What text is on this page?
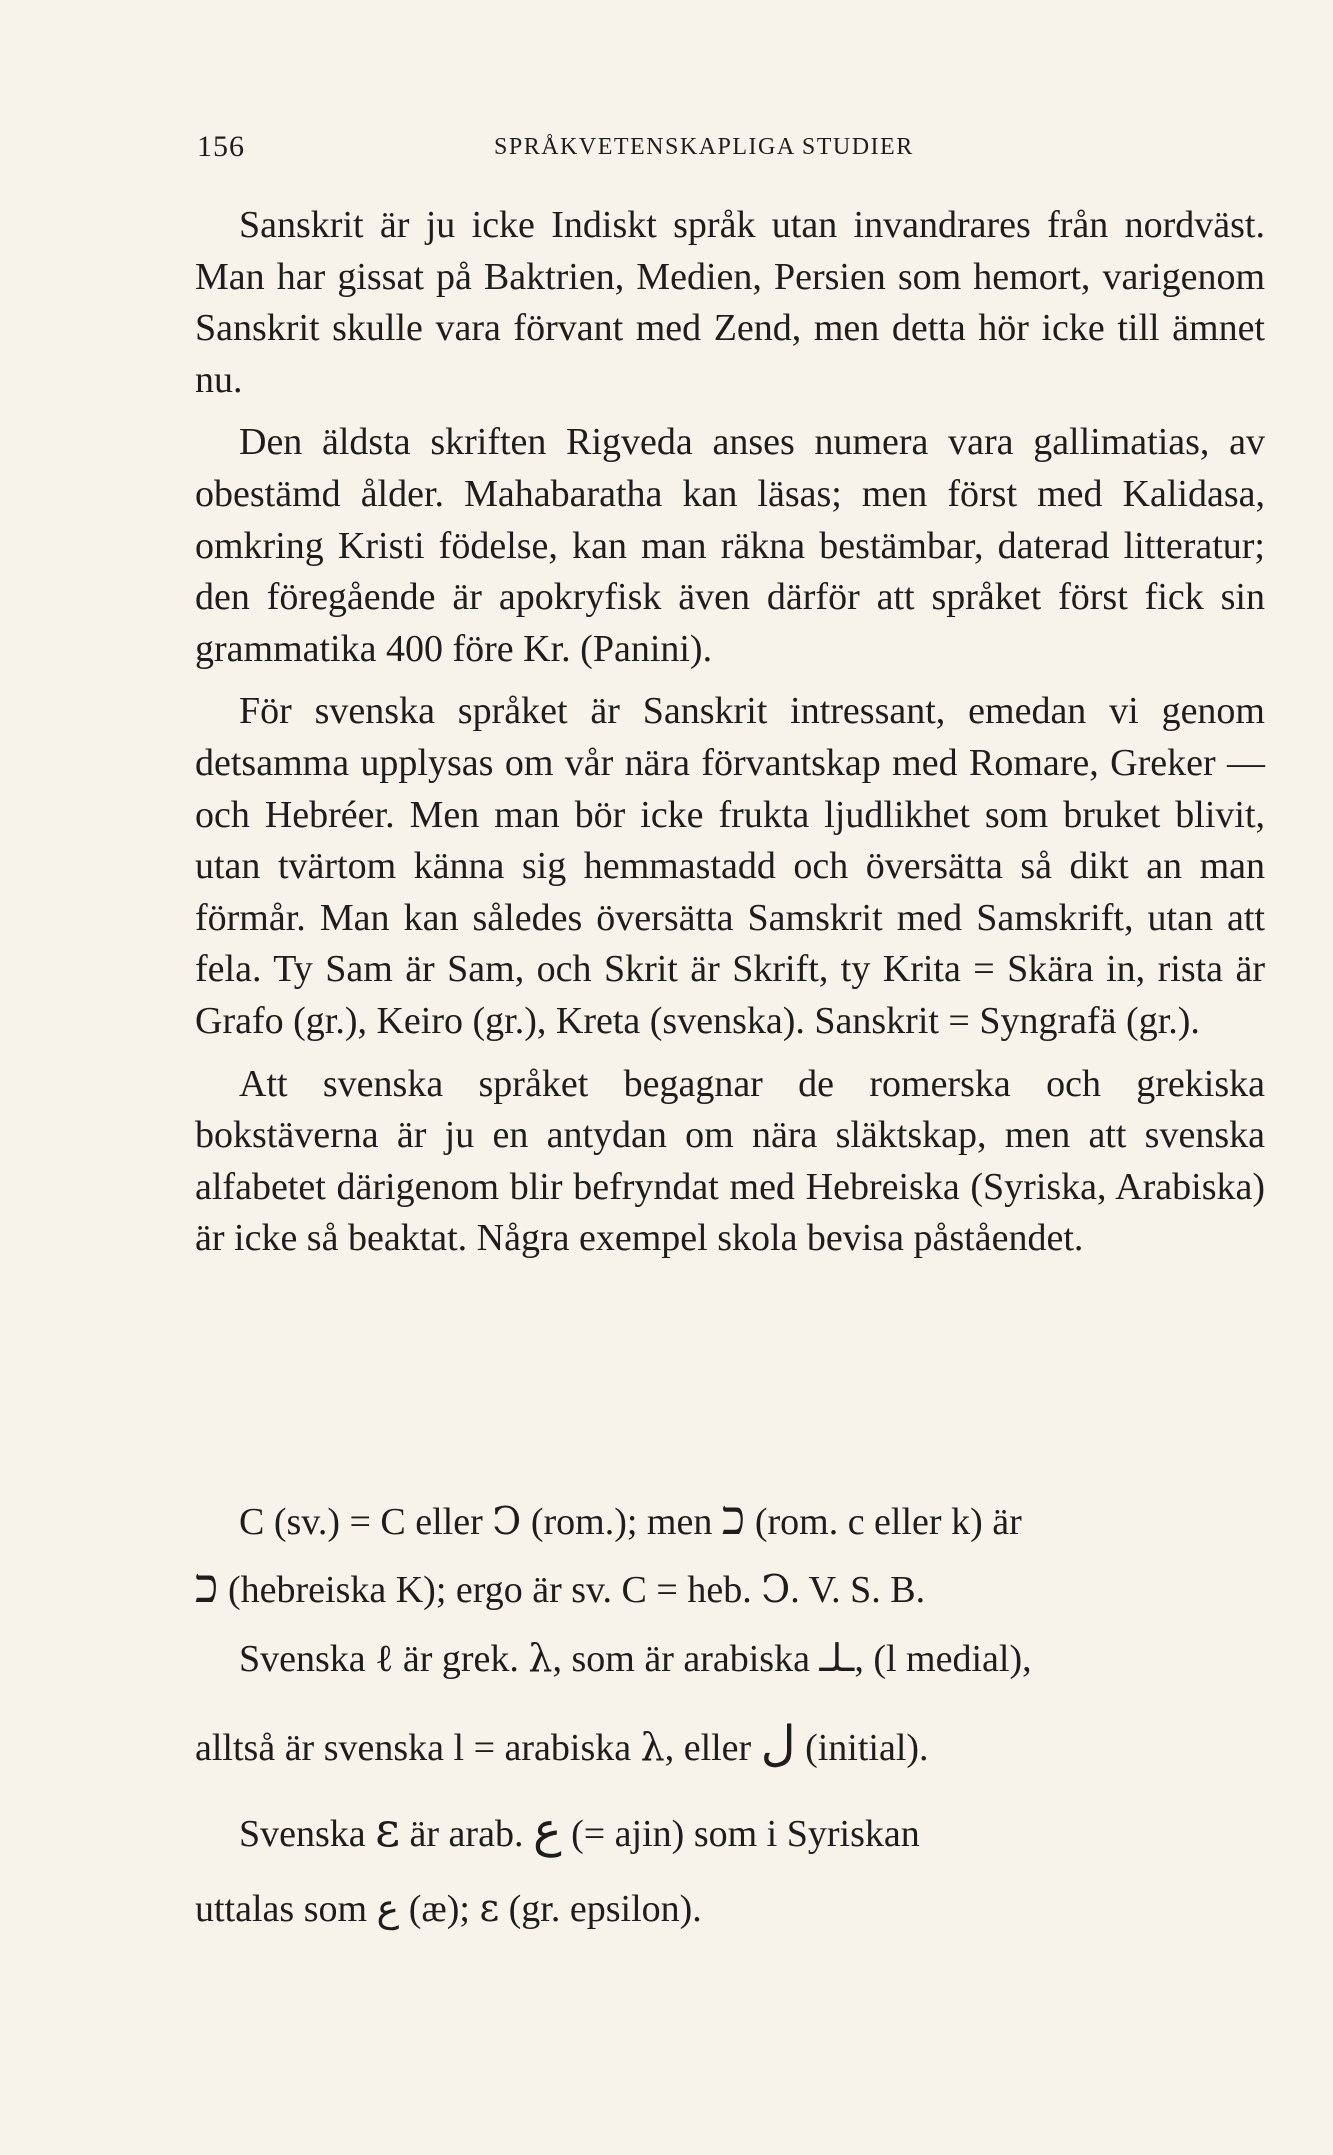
156	SPRÅKVETENSKAPLIGA STUDIER

Sanskrit är ju icke Indiskt språk utan invandrares från nordväst. Man har gissat på Baktrien, Medien, Persien som hemort, varigenom Sanskrit skulle vara förvant med Zend, men detta hör icke till ämnet nu.

Den äldsta skriften Rigveda anses numera vara gallimatias, av obestämd ålder. Mahabaratha kan läsas; men först med Kalidasa, omkring Kristi födelse, kan man räkna bestämbar, daterad litteratur; den föregående är apokryfisk även därför att språket först fick sin grammatika 400 före Kr. (Panini).

För svenska språket är Sanskrit intressant, emedan vi genom detsamma upplysas om vår nära förvantskap med Romare, Greker — och Hebréer. Men man bör icke frukta ljudlikhet som bruket blivit, utan tvärtom känna sig hemmastadd och översätta så dikt an man förmår. Man kan således översätta Samskrit med Samskrift, utan att fela. Ty Sam är Sam, och Skrit är Skrift, ty Krita = Skära in, rista är Grafo (gr.), Keiro (gr.), Kreta (svenska). Sanskrit = Syngrafä (gr.).

Att svenska språket begagnar de romerska och grekiska bokstäverna är ju en antydan om nära släktskap, men att svenska alfabetet därigenom blir befryndat med Hebreiska (Syriska, Arabiska) är icke så beaktat. Några exempel skola bevisa påståendet.

C (sv.) = C eller Ͻ (rom.); men כ (rom. c eller k) är
כ (hebreiska K); ergo är sv. C = heb. Ͻ. V. S. B.
Svenska ℓ är grek. λ, som är arabiska ـلـ, (l medial),
alltså är svenska l = arabiska λ, eller ل (initial).
Svenska ε är arab. ع (= ajin) som i Syriskan
uttalas som ع (æ); ε (gr. epsilon).
